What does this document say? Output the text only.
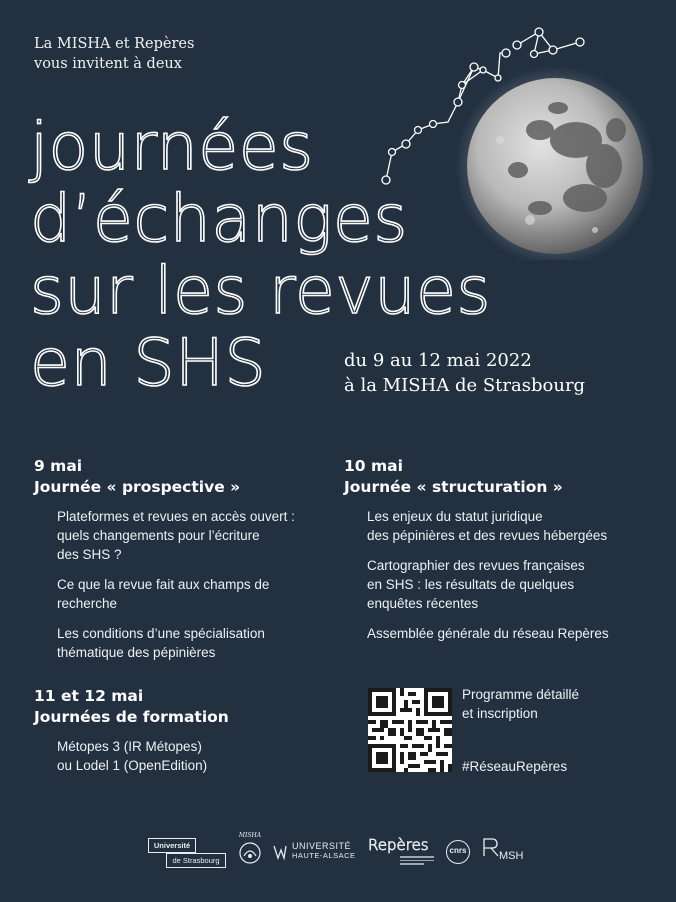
La MISHA et Repères
vous invitent à deux
journées
d’échanges
sur les revues
en SHS	du 9 au 12 mai 2022
à la MISHA de Strasbourg
9 mai
Journée « prospective »
Plateformes et revues en accès ouvert :
quels changements pour l’écriture
des SHS ?
Ce que la revue fait aux champs de
recherche
Les conditions d’une spécialisation
thématique des pépinières
10 mai
Journée « structuration »
Les enjeux du statut juridique
des pépinières et des revues hébergées
Cartographier des revues françaises
en SHS : les résultats de quelques
enquêtes récentes
Assemblée générale du réseau Repères
11 et 12 mai
Journées de formation
Métopes 3 (IR Métopes)
ou Lodel 1 (OpenEdition)
Programme détaillé
et inscription
#RéseauRepères
Université
de Strasbourg
MISHA
UNIVERSITÉ
HAUTE-ALSACE
Repères	cnrs	MSH
